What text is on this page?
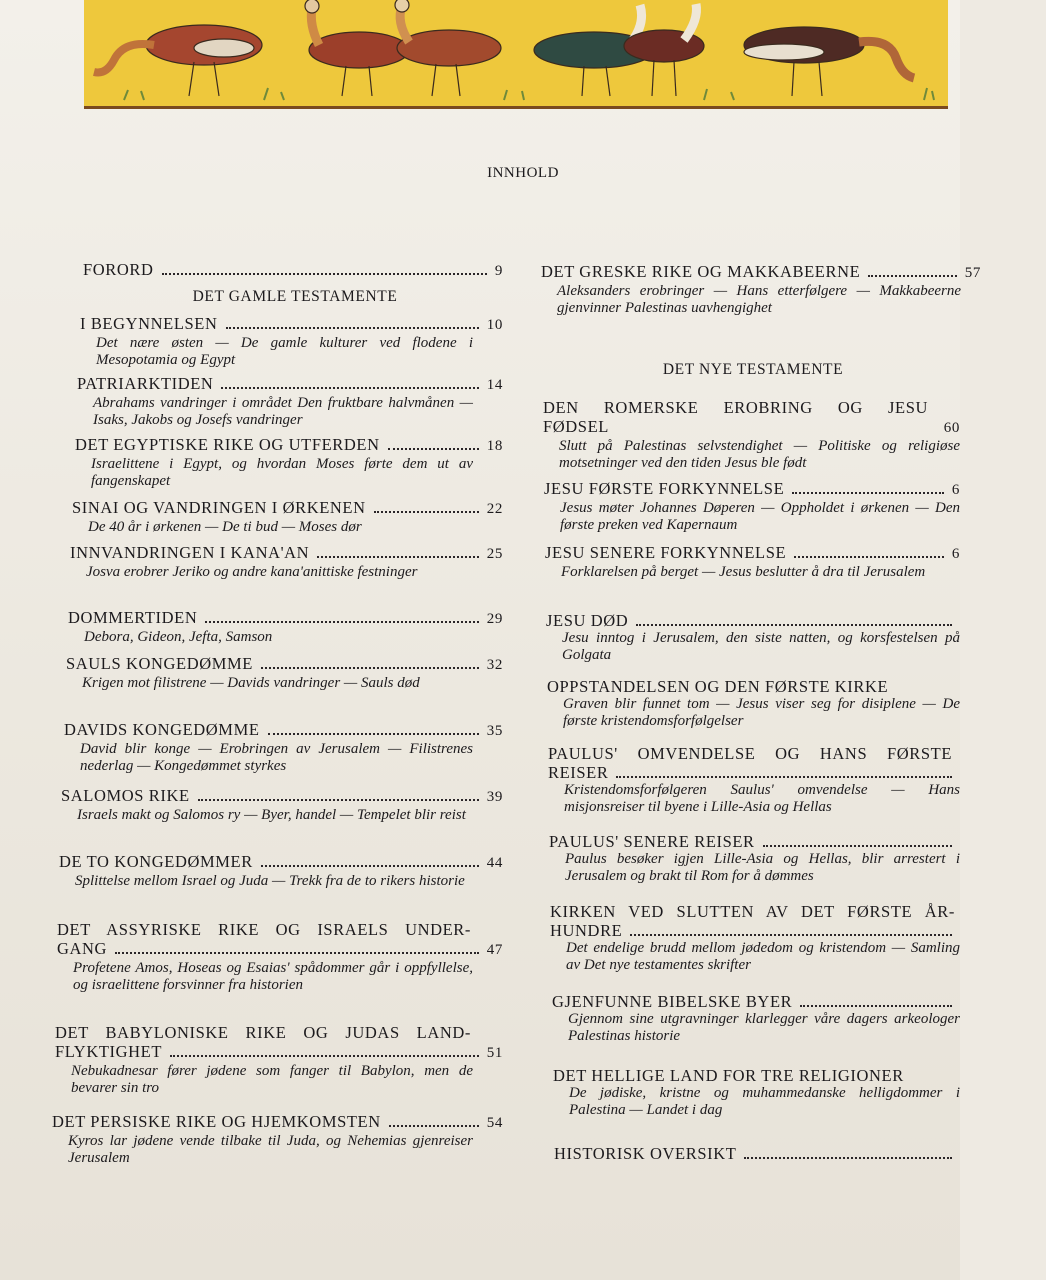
INNHOLD
FORORD	9
DET GAMLE TESTAMENTE
I BEGYNNELSEN	10
Det nære østen — De gamle kulturer ved flodene i Mesopotamia og Egypt
PATRIARKTIDEN	14
Abrahams vandringer i området Den fruktbare halvmånen — Isaks, Jakobs og Josefs vandringer
DET EGYPTISKE RIKE OG UTFERDEN	18
Israelittene i Egypt, og hvordan Moses førte dem ut av fangenskapet
SINAI OG VANDRINGEN I ØRKENEN	22
De 40 år i ørkenen — De ti bud — Moses dør
INNVANDRINGEN I KANA'AN	25
Josva erobrer Jeriko og andre kana'anittiske festninger
DOMMERTIDEN	29
Debora, Gideon, Jefta, Samson
SAULS KONGEDØMME	32
Krigen mot filistrene — Davids vandringer — Sauls død
DAVIDS KONGEDØMME	35
David blir konge — Erobringen av Jerusalem — Filistrenes nederlag — Kongedømmet styrkes
SALOMOS RIKE	39
Israels makt og Salomos ry — Byer, handel — Tempelet blir reist
DE TO KONGEDØMMER	44
Splittelse mellom Israel og Juda — Trekk fra de to rikers historie
DET ASSYRISKE RIKE OG ISRAELS UNDER-
GANG	47
Profetene Amos, Hoseas og Esaias' spådommer går i oppfyllelse, og israelittene forsvinner fra historien
DET BABYLONISKE RIKE OG JUDAS LAND-
FLYKTIGHET	51
Nebukadnesar fører jødene som fanger til Babylon, men de bevarer sin tro
DET PERSISKE RIKE OG HJEMKOMSTEN	54
Kyros lar jødene vende tilbake til Juda, og Nehemias gjenreiser Jerusalem
DET GRESKE RIKE OG MAKKABEERNE	57
Aleksanders erobringer — Hans etterfølgere — Makkabeerne gjenvinner Palestinas uavhengighet
DET NYE TESTAMENTE
DEN ROMERSKE EROBRING OG JESU
FØDSEL	60
Slutt på Palestinas selvstendighet — Politiske og religiøse motsetninger ved den tiden Jesus ble født
JESU FØRSTE FORKYNNELSE	6
Jesus møter Johannes Døperen — Oppholdet i ørkenen — Den første preken ved Kapernaum
JESU SENERE FORKYNNELSE	6
Forklarelsen på berget — Jesus beslutter å dra til Jerusalem
JESU DØD
Jesu inntog i Jerusalem, den siste natten, og korsfestelsen på Golgata
OPPSTANDELSEN OG DEN FØRSTE KIRKE
Graven blir funnet tom — Jesus viser seg for disiplene — De første kristendomsforfølgelser
PAULUS' OMVENDELSE OG HANS FØRSTE
REISER
Kristendomsforfølgeren Saulus' omvendelse — Hans misjonsreiser til byene i Lille-Asia og Hellas
PAULUS' SENERE REISER
Paulus besøker igjen Lille-Asia og Hellas, blir arrestert i Jerusalem og brakt til Rom for å dømmes
KIRKEN VED SLUTTEN AV DET FØRSTE ÅR-
HUNDRE
Det endelige brudd mellom jødedom og kristendom — Samling av Det nye testamentes skrifter
GJENFUNNE BIBELSKE BYER
Gjennom sine utgravninger klarlegger våre dagers arkeologer Palestinas historie
DET HELLIGE LAND FOR TRE RELIGIONER
De jødiske, kristne og muhammedanske helligdommer i Palestina — Landet i dag
HISTORISK OVERSIKT
